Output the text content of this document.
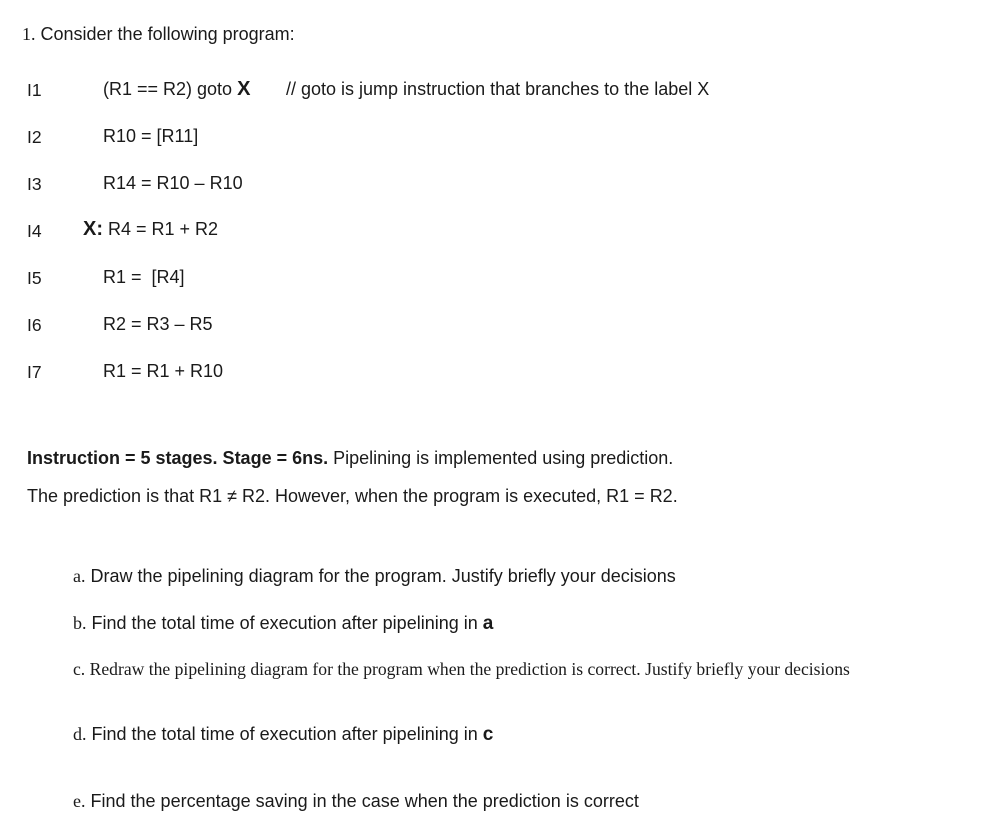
1. Consider the following program:
I1	(R1 == R2) goto X // goto is jump instruction that branches to the label X
I2	R10 = [R11]
I3	R14 = R10 – R10
I4 X: R4 = R1 + R2
I5	R1 =  [R4]
I6	R2 = R3 – R5
I7	R1 = R1 + R10
Instruction = 5 stages. Stage = 6ns. Pipelining is implemented using prediction.
The prediction is that R1 ≠ R2. However, when the program is executed, R1 = R2.
a. Draw the pipelining diagram for the program. Justify briefly your decisions
b. Find the total time of execution after pipelining in a
c. Redraw the pipelining diagram for the program when the prediction is correct. Justify briefly your decisions
d. Find the total time of execution after pipelining in c
e. Find the percentage saving in the case when the prediction is correct
